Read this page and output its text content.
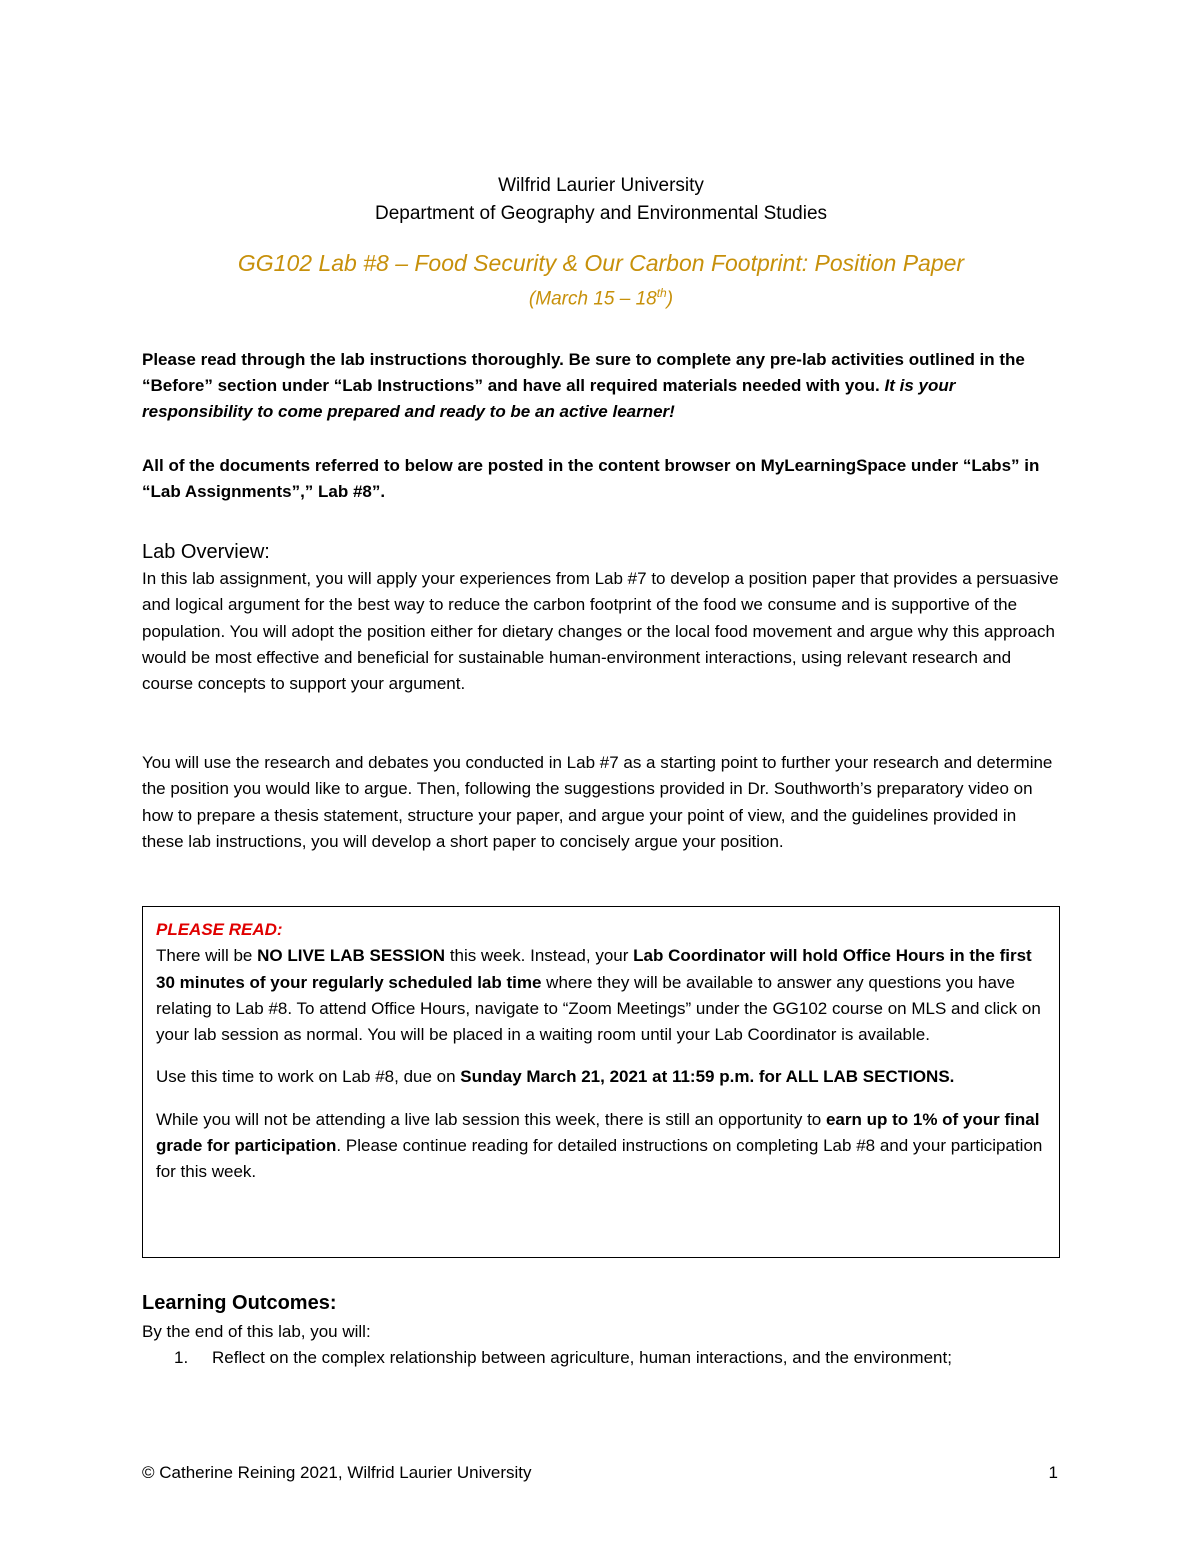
Wilfrid Laurier University
Department of Geography and Environmental Studies
GG102 Lab #8 – Food Security & Our Carbon Footprint: Position Paper
(March 15 – 18th)
Please read through the lab instructions thoroughly. Be sure to complete any pre-lab activities outlined in the “Before” section under “Lab Instructions” and have all required materials needed with you. It is your responsibility to come prepared and ready to be an active learner!
All of the documents referred to below are posted in the content browser on MyLearningSpace under “Labs” in “Lab Assignments”,” Lab #8”.
Lab Overview:
In this lab assignment, you will apply your experiences from Lab #7 to develop a position paper that provides a persuasive and logical argument for the best way to reduce the carbon footprint of the food we consume and is supportive of the population. You will adopt the position either for dietary changes or the local food movement and argue why this approach would be most effective and beneficial for sustainable human-environment interactions, using relevant research and course concepts to support your argument.
You will use the research and debates you conducted in Lab #7 as a starting point to further your research and determine the position you would like to argue. Then, following the suggestions provided in Dr. Southworth’s preparatory video on how to prepare a thesis statement, structure your paper, and argue your point of view, and the guidelines provided in these lab instructions, you will develop a short paper to concisely argue your position.

PLEASE READ:

There will be NO LIVE LAB SESSION this week. Instead, your Lab Coordinator will hold Office Hours in the first 30 minutes of your regularly scheduled lab time where they will be available to answer any questions you have relating to Lab #8. To attend Office Hours, navigate to “Zoom Meetings” under the GG102 course on MLS and click on your lab session as normal. You will be placed in a waiting room until your Lab Coordinator is available.

Use this time to work on Lab #8, due on Sunday March 21, 2021 at 11:59 p.m. for ALL LAB SECTIONS.

While you will not be attending a live lab session this week, there is still an opportunity to earn up to 1% of your final grade for participation. Please continue reading for detailed instructions on completing Lab #8 and your participation for this week.

Learning Outcomes:
By the end of this lab, you will:
1. Reflect on the complex relationship between agriculture, human interactions, and the environment;
© Catherine Reining 2021, Wilfrid Laurier University	1
